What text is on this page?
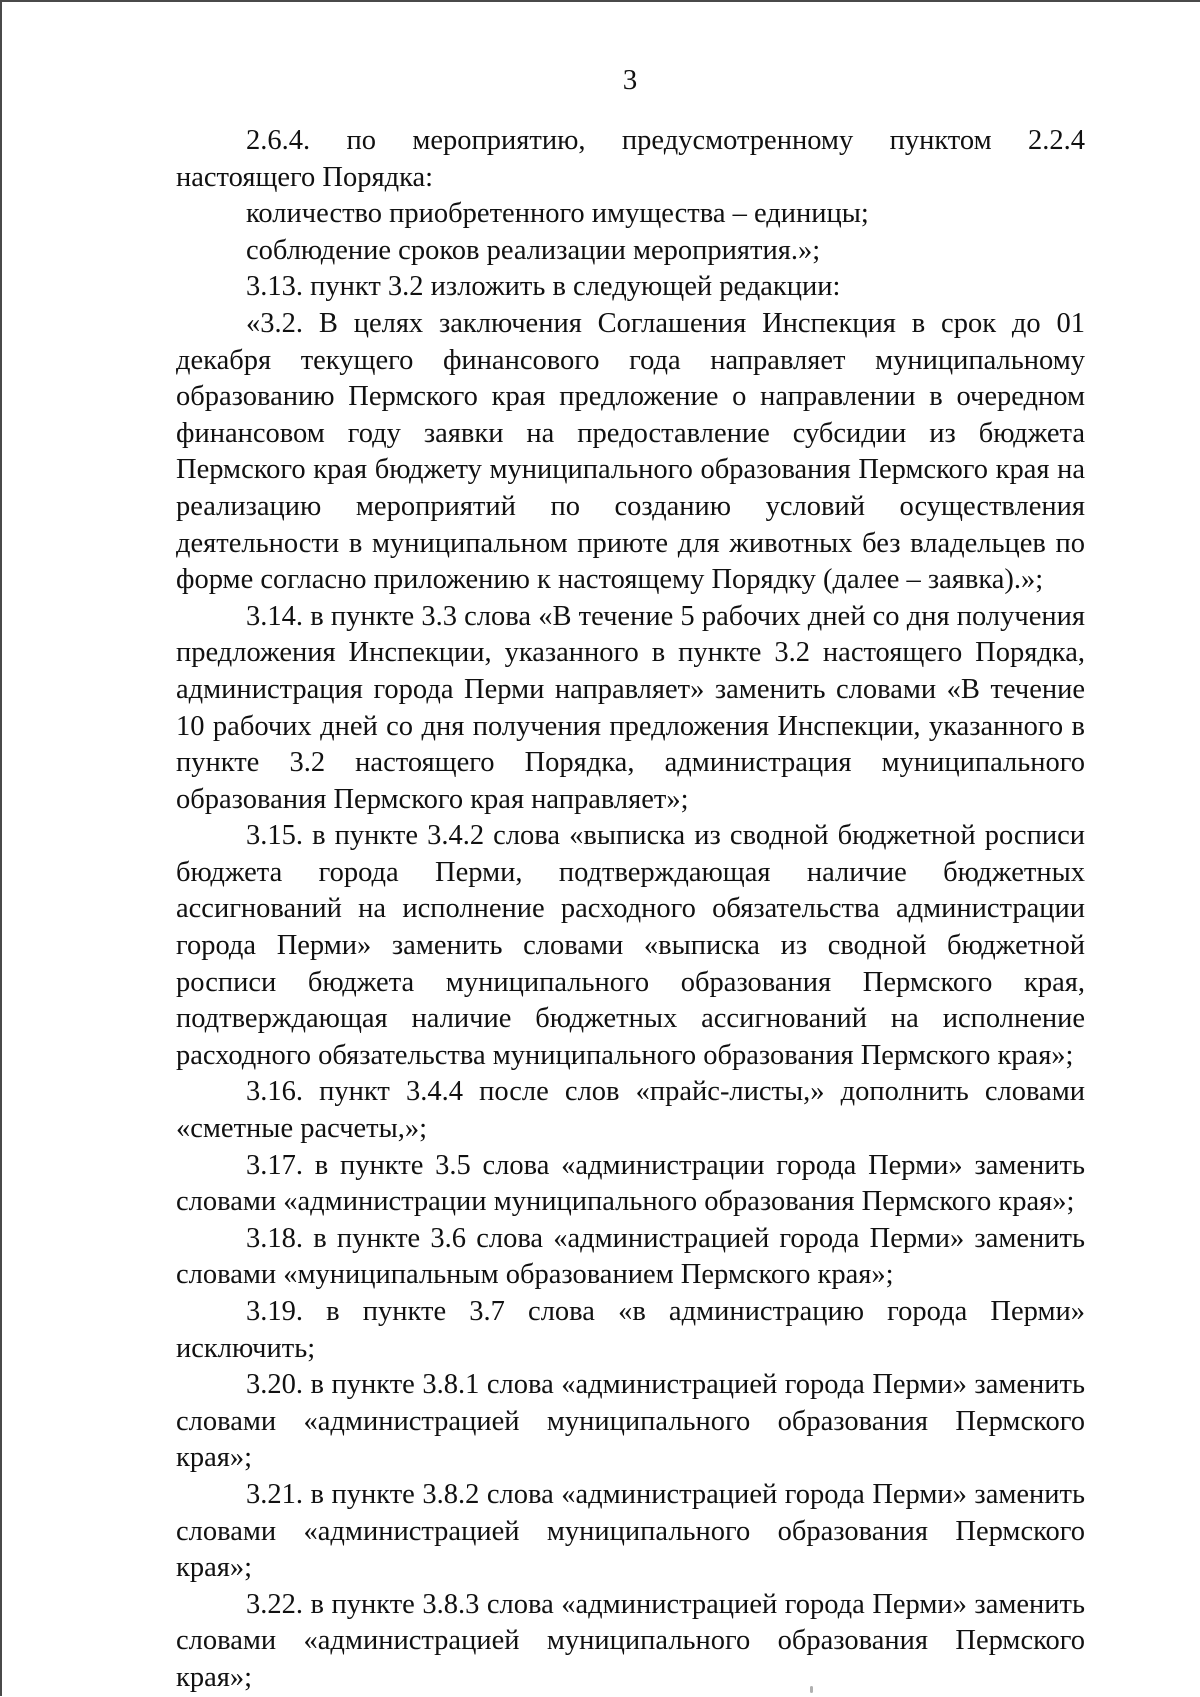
3

2.6.4. по мероприятию, предусмотренному пунктом 2.2.4 настоящего Порядка:

количество приобретенного имущества – единицы;

соблюдение сроков реализации мероприятия.»;

3.13. пункт 3.2 изложить в следующей редакции:

«3.2. В целях заключения Соглашения Инспекция в срок до 01 декабря текущего финансового года направляет муниципальному образованию Пермского края предложение о направлении в очередном финансовом году заявки на предоставление субсидии из бюджета Пермского края бюджету муниципального образования Пермского края на реализацию мероприятий по созданию условий осуществления деятельности в муниципальном приюте для животных без владельцев по форме согласно приложению к настоящему Порядку (далее – заявка).»;

3.14. в пункте 3.3 слова «В течение 5 рабочих дней со дня получения предложения Инспекции, указанного в пункте 3.2 настоящего Порядка, администрация города Перми направляет» заменить словами «В течение 10 рабочих дней со дня получения предложения Инспекции, указанного в пункте 3.2 настоящего Порядка, администрация муниципального образования Пермского края направляет»;

3.15. в пункте 3.4.2 слова «выписка из сводной бюджетной росписи бюджета города Перми, подтверждающая наличие бюджетных ассигнований на исполнение расходного обязательства администрации города Перми» заменить словами «выписка из сводной бюджетной росписи бюджета муниципального образования Пермского края, подтверждающая наличие бюджетных ассигнований на исполнение расходного обязательства муниципального образования Пермского края»;

3.16. пункт 3.4.4 после слов «прайс-листы,» дополнить словами «сметные расчеты,»;

3.17. в пункте 3.5 слова «администрации города Перми» заменить словами «администрации муниципального образования Пермского края»;

3.18. в пункте 3.6 слова «администрацией города Перми» заменить словами «муниципальным образованием Пермского края»;

3.19. в пункте 3.7 слова «в администрацию города Перми» исключить;

3.20. в пункте 3.8.1 слова «администрацией города Перми» заменить словами «администрацией муниципального образования Пермского края»;

3.21. в пункте 3.8.2 слова «администрацией города Перми» заменить словами «администрацией муниципального образования Пермского края»;

3.22. в пункте 3.8.3 слова «администрацией города Перми» заменить словами «администрацией муниципального образования Пермского края»;
